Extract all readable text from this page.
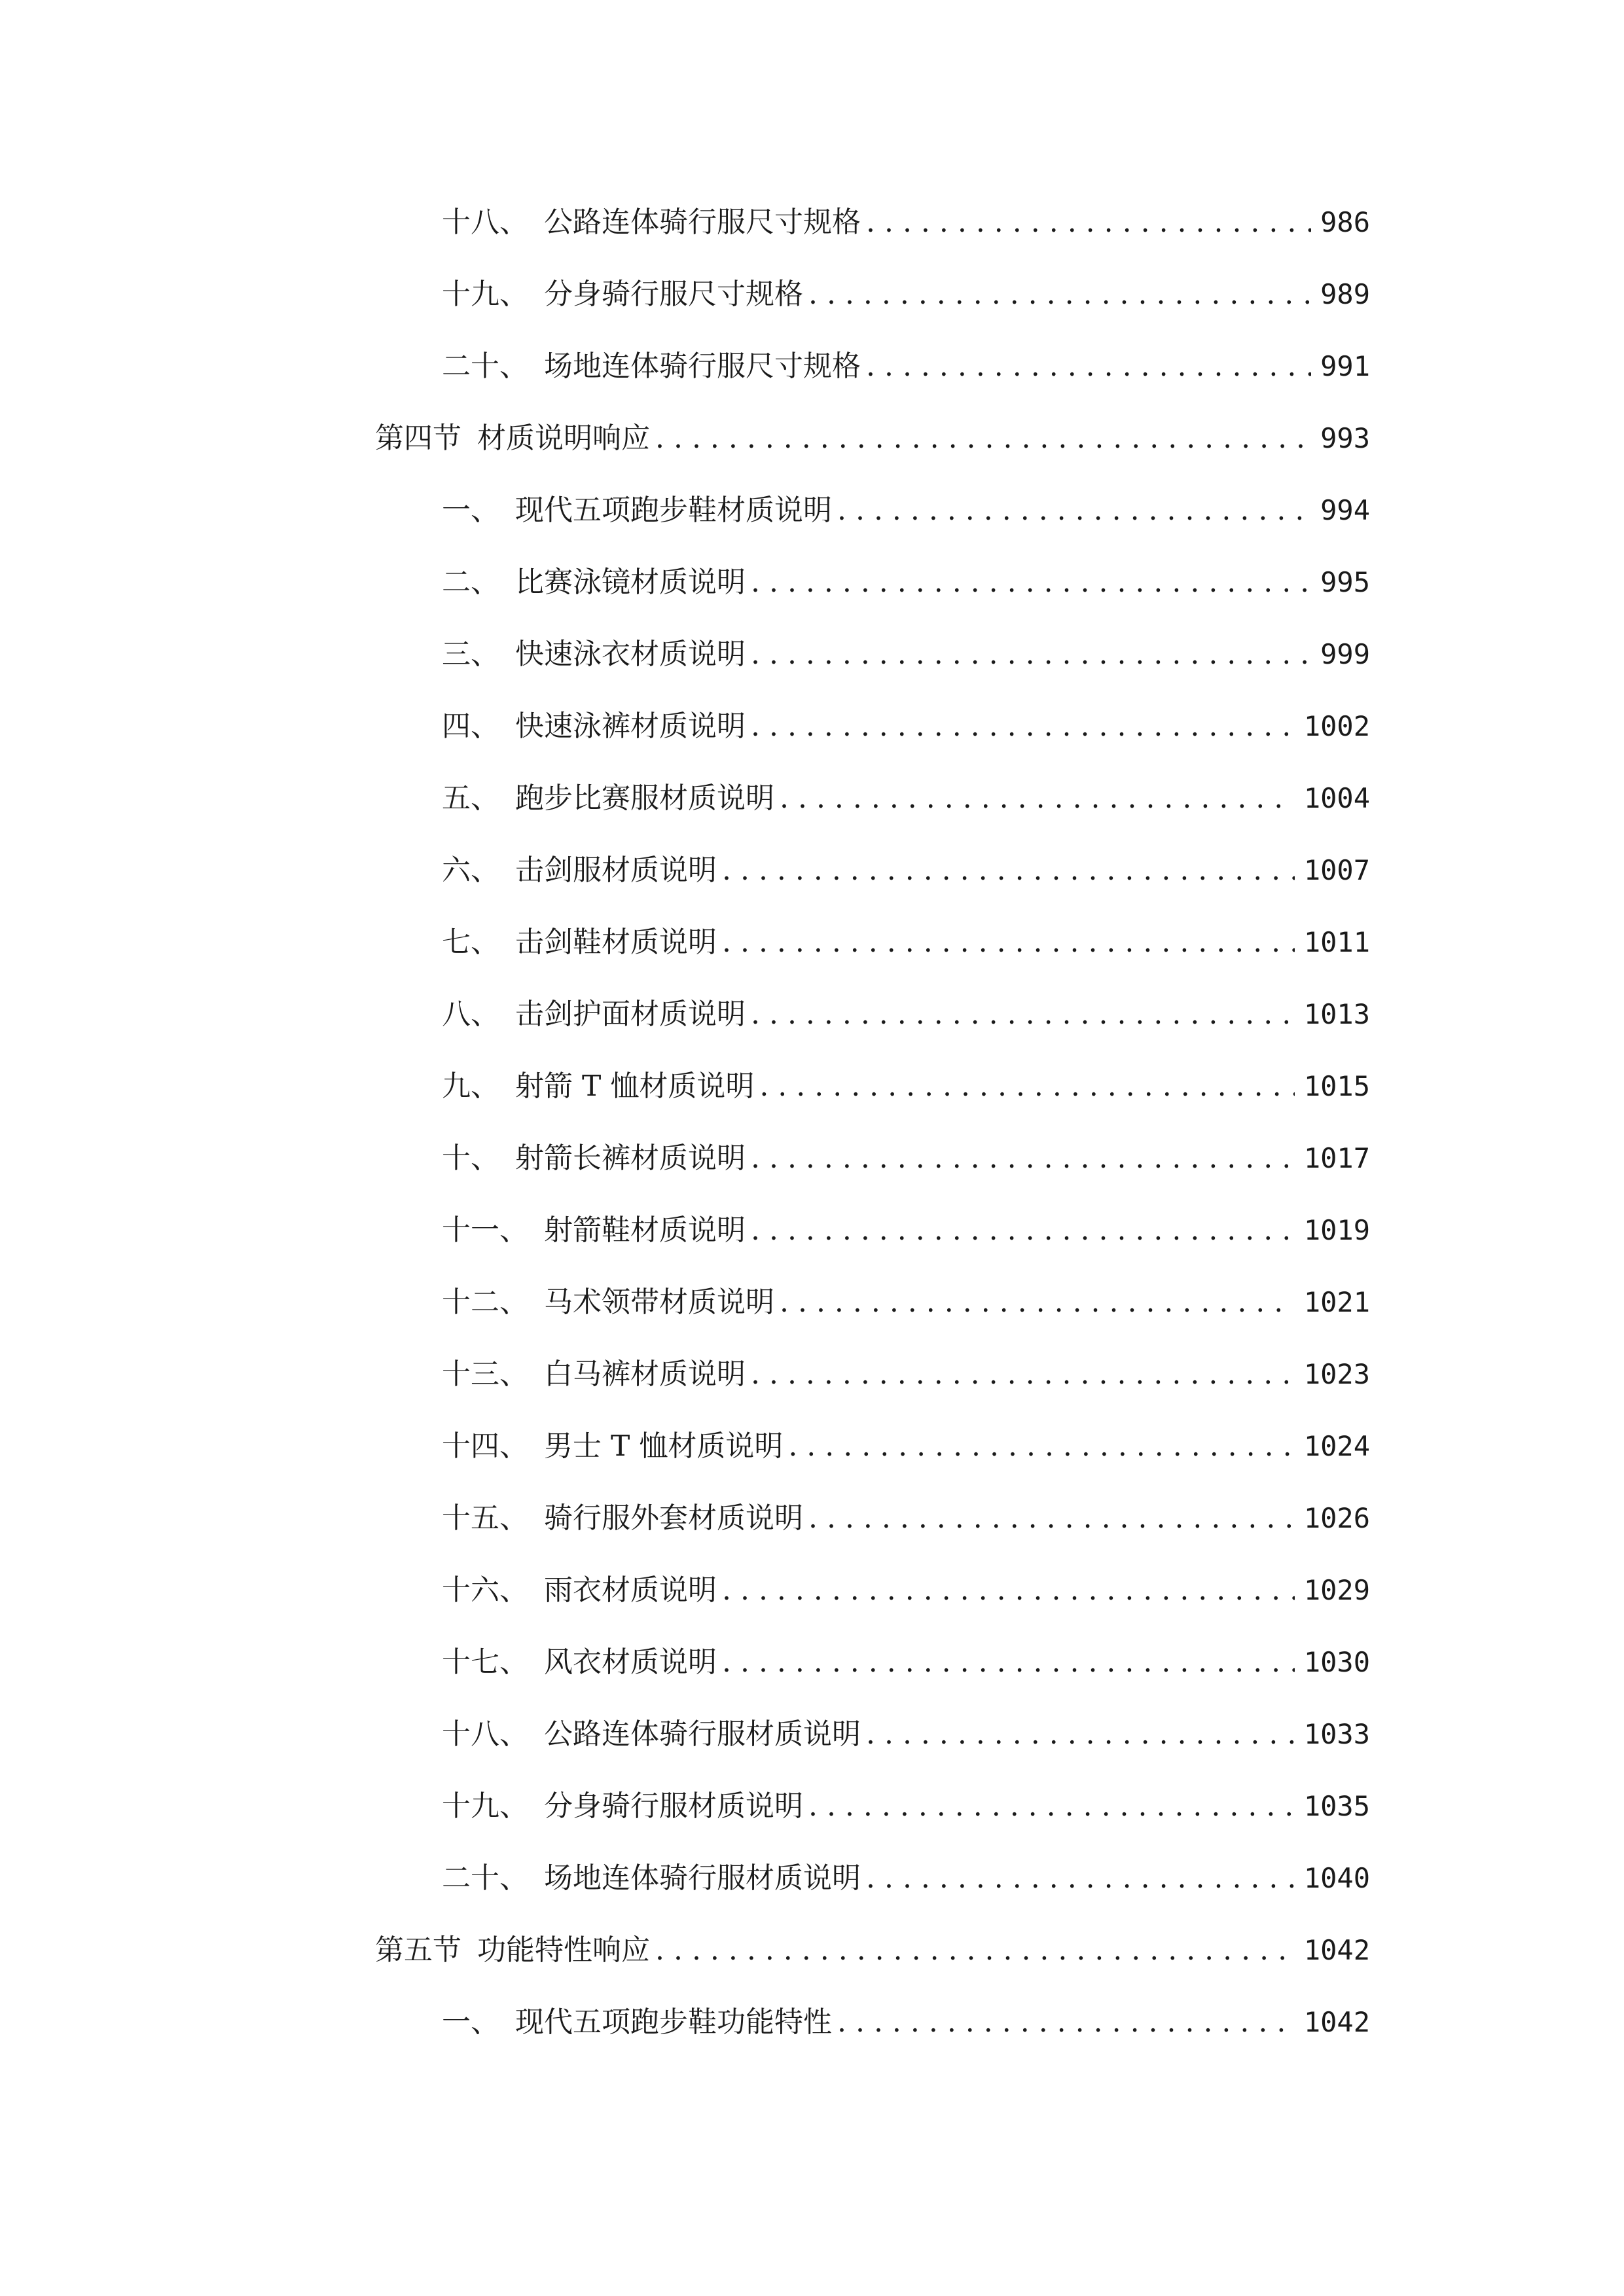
十八、 公路连体骑行服尺寸规格 . . .	986
十九、 分身骑行服尺寸规格 . . .	989
二十、 场地连体骑行服尺寸规格 . . .	991
第四节 材质说明响应 . . .	993
一、 现代五项跑步鞋材质说明 . . .	994
二、 比赛泳镜材质说明 . . .	995
三、 快速泳衣材质说明 . . .	999
四、 快速泳裤材质说明 . . .	1002
五、 跑步比赛服材质说明 . . .	1004
六、 击剑服材质说明 . . .	1007
七、 击剑鞋材质说明 . . .	1011
八、 击剑护面材质说明 . . .	1013
九、 射箭 T 恤材质说明 . . .	1015
十、 射箭长裤材质说明 . . .	1017
十一、 射箭鞋材质说明 . . .	1019
十二、 马术领带材质说明 . . .	1021
十三、 白马裤材质说明 . . .	1023
十四、 男士 T 恤材质说明 . . .	1024
十五、 骑行服外套材质说明 . . .	1026
十六、 雨衣材质说明 . . .	1029
十七、 风衣材质说明 . . .	1030
十八、 公路连体骑行服材质说明 . . .	1033
十九、 分身骑行服材质说明 . . .	1035
二十、 场地连体骑行服材质说明 . . .	1040
第五节 功能特性响应 . . .	1042
一、 现代五项跑步鞋功能特性 . . .	1042
